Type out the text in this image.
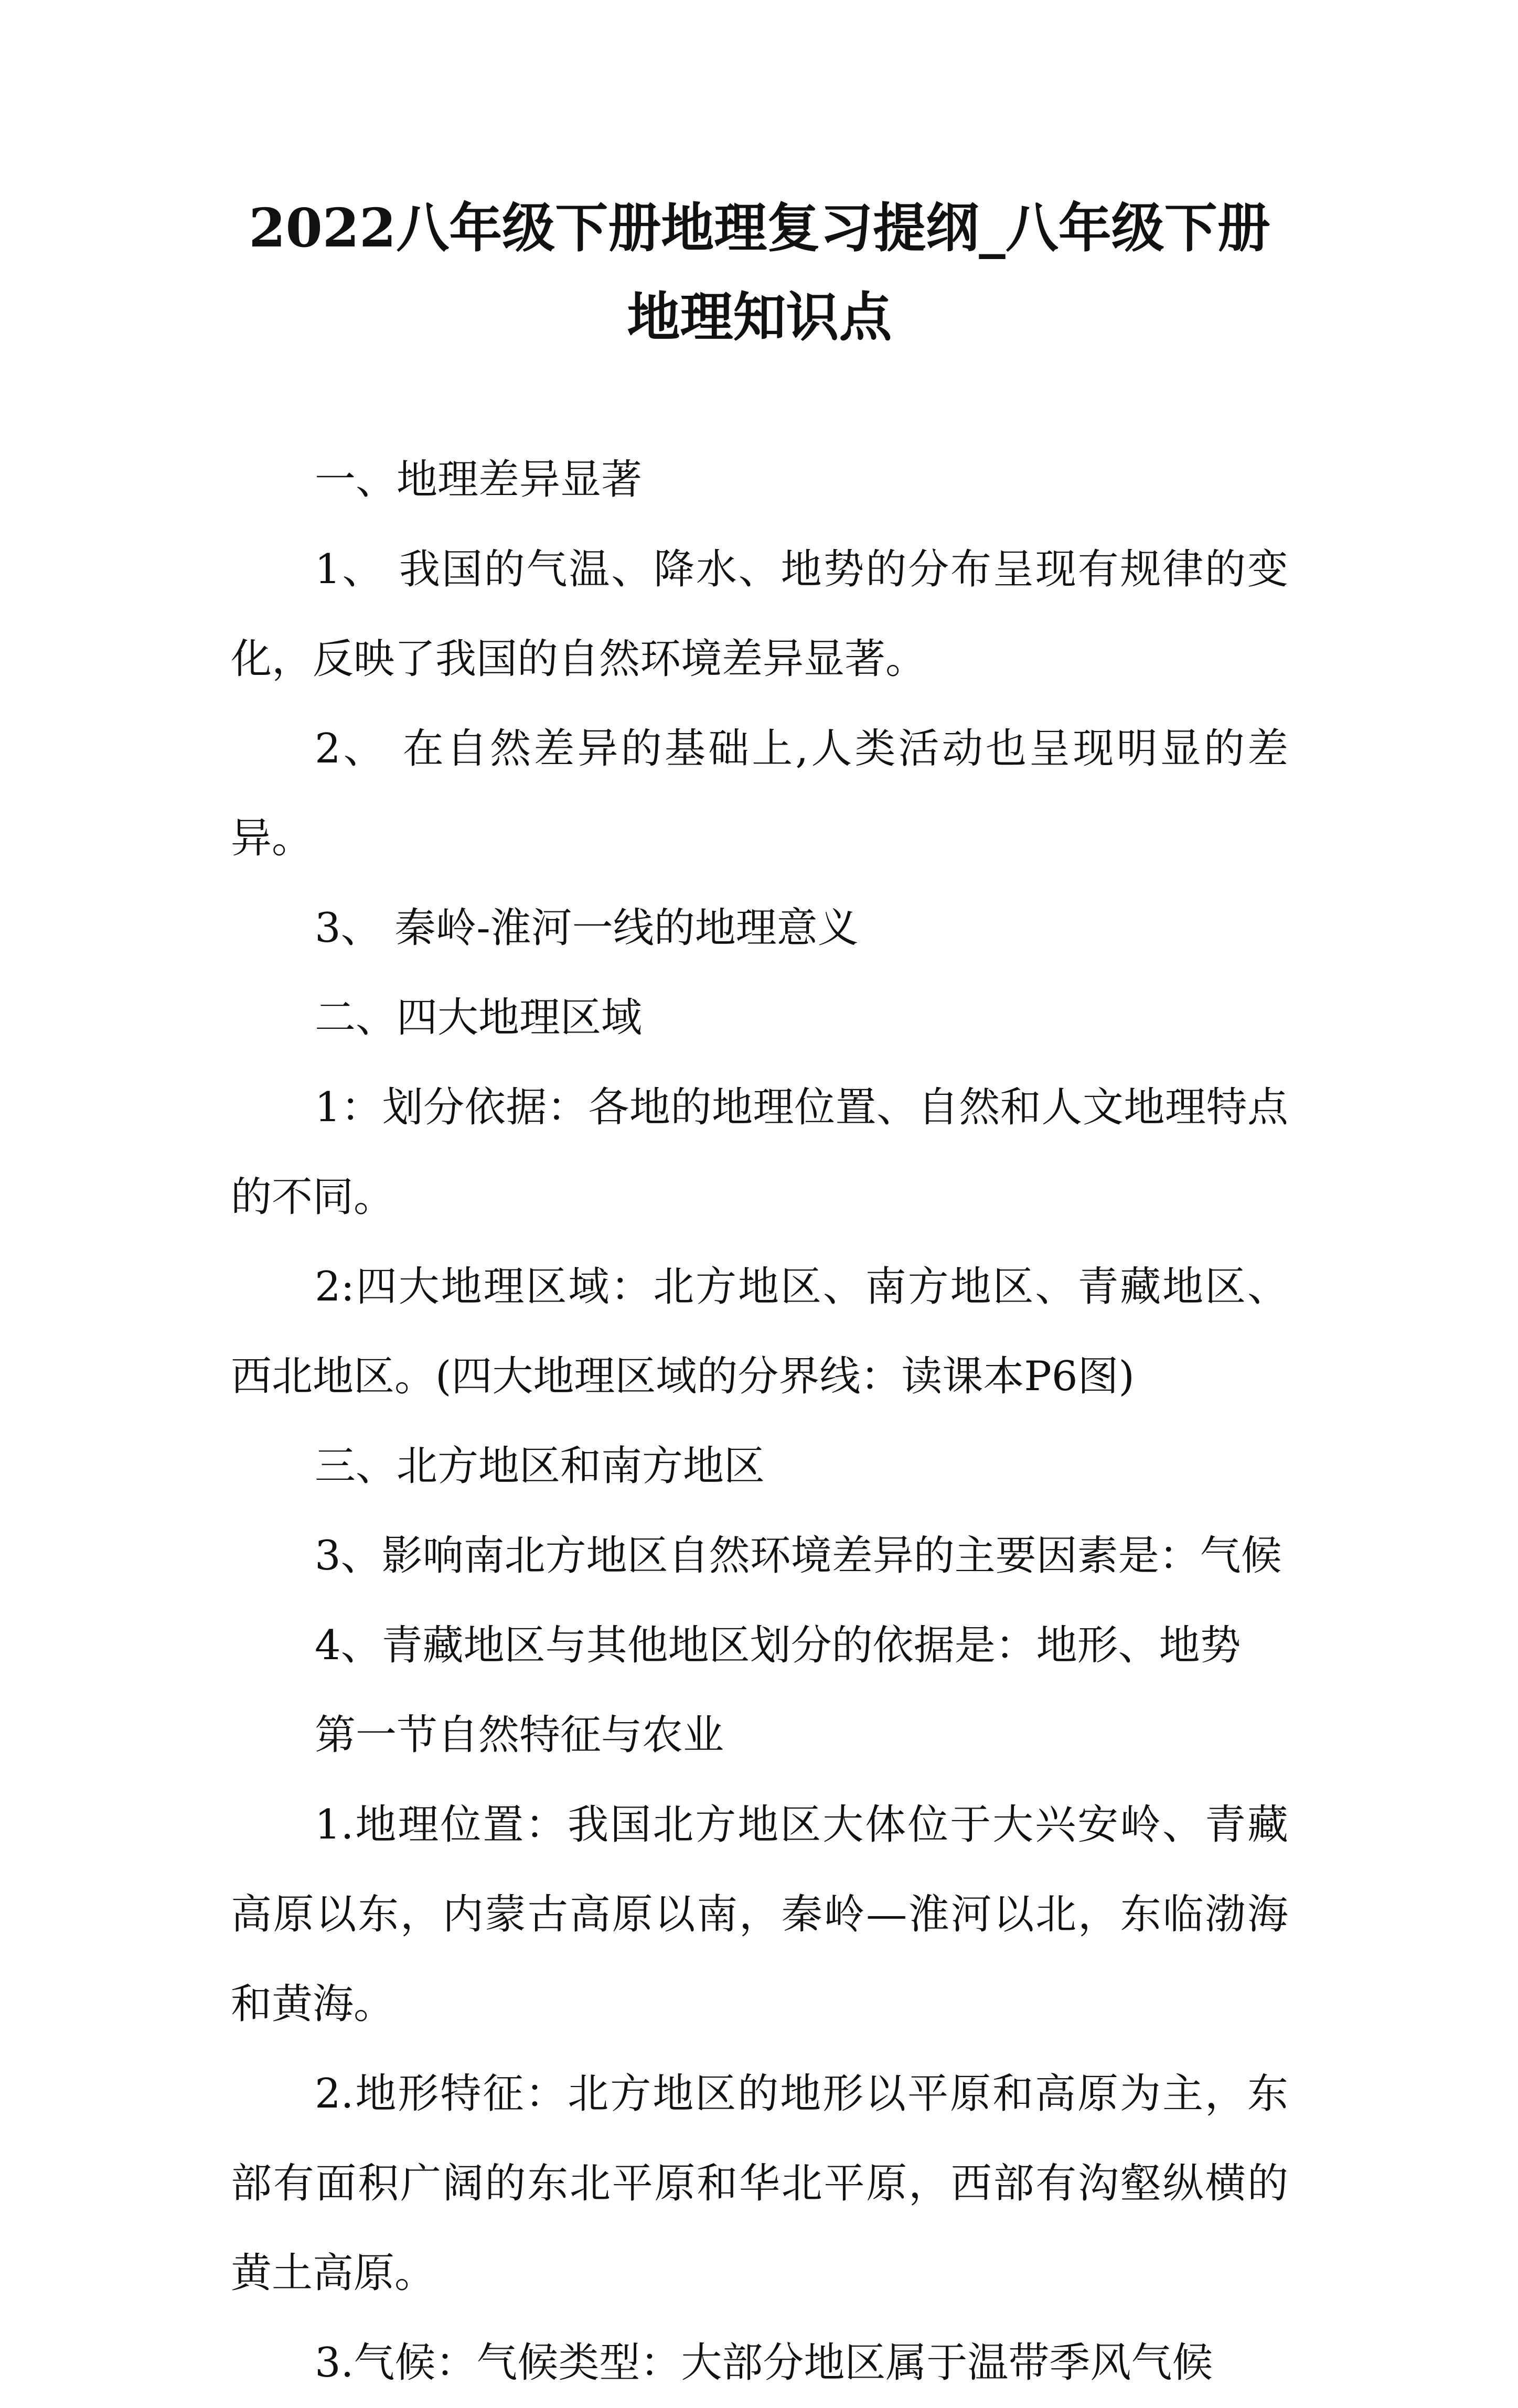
2022八年级下册地理复习提纲_八年级下册地理知识点

一、地理差异显著

1、 我国的气温、降水、地势的分布呈现有规律的变化，反映了我国的自然环境差异显著。

2、 在自然差异的基础上,人类活动也呈现明显的差异。

3、 秦岭-淮河一线的地理意义

二、四大地理区域

1：划分依据：各地的地理位置、自然和人文地理特点的不同。

2:四大地理区域：北方地区、南方地区、青藏地区、西北地区。(四大地理区域的分界线：读课本P6图)

三、北方地区和南方地区

3、影响南北方地区自然环境差异的主要因素是：气候

4、青藏地区与其他地区划分的依据是：地形、地势

第一节自然特征与农业

1.地理位置：我国北方地区大体位于大兴安岭、青藏高原以东，内蒙古高原以南，秦岭—淮河以北，东临渤海和黄海。

2.地形特征：北方地区的地形以平原和高原为主，东部有面积广阔的东北平原和华北平原，西部有沟壑纵横的黄土高原。

3.气候：气候类型：大部分地区属于温带季风气候
